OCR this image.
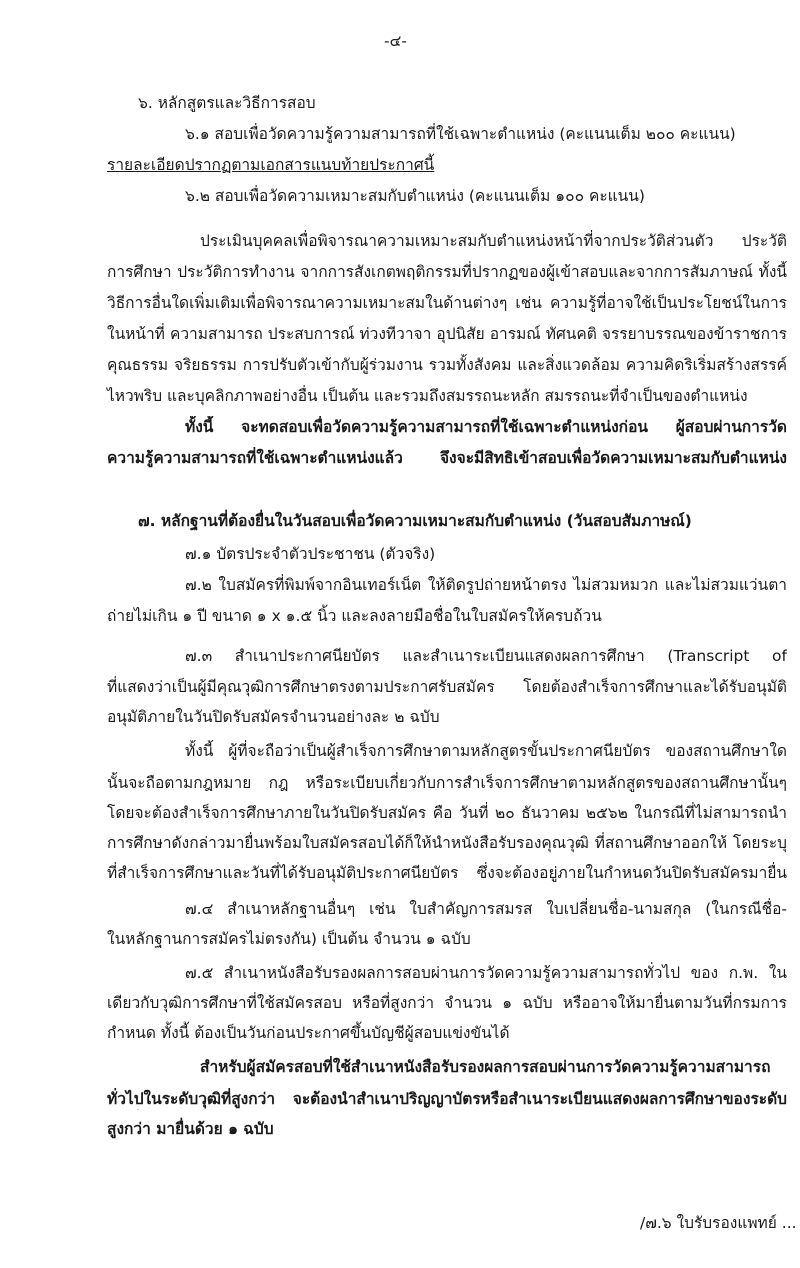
-๔-
๖. หลักสูตรและวิธีการสอบ
๖.๑ สอบเพื่อวัดความรู้ความสามารถที่ใช้เฉพาะตำแหน่ง (คะแนนเต็ม ๒๐๐ คะแนน)
รายละเอียดปรากฏตามเอกสารแนบท้ายประกาศนี้
๖.๒ สอบเพื่อวัดความเหมาะสมกับตำแหน่ง (คะแนนเต็ม ๑๐๐ คะแนน)
ประเมินบุคคลเพื่อพิจารณาความเหมาะสมกับตำแหน่งหน้าที่จากประวัติส่วนตัว ประวัติ
การศึกษา ประวัติการทำงาน จากการสังเกตพฤติกรรมที่ปรากฏของผู้เข้าสอบและจากการสัมภาษณ์ ทั้งนี้
วิธีการอื่นใดเพิ่มเติมเพื่อพิจารณาความเหมาะสมในด้านต่างๆ เช่น ความรู้ที่อาจใช้เป็นประโยชน์ในการ
ในหน้าที่ ความสามารถ ประสบการณ์ ท่วงทีวาจา อุปนิสัย อารมณ์ ทัศนคติ จรรยาบรรณของข้าราชการ
คุณธรรม จริยธรรม การปรับตัวเข้ากับผู้ร่วมงาน รวมทั้งสังคม และสิ่งแวดล้อม ความคิดริเริ่มสร้างสรรค์
ไหวพริบ และบุคลิกภาพอย่างอื่น เป็นต้น และรวมถึงสมรรถนะหลัก สมรรถนะที่จำเป็นของตำแหน่ง
ทั้งนี้ จะทดสอบเพื่อวัดความรู้ความสามารถที่ใช้เฉพาะตำแหน่งก่อน ผู้สอบผ่านการวัด
ความรู้ความสามารถที่ใช้เฉพาะตำแหน่งแล้ว จึงจะมีสิทธิเข้าสอบเพื่อวัดความเหมาะสมกับตำแหน่ง
๗. หลักฐานที่ต้องยื่นในวันสอบเพื่อวัดความเหมาะสมกับตำแหน่ง (วันสอบสัมภาษณ์)
๗.๑ บัตรประจำตัวประชาชน (ตัวจริง)
๗.๒ ใบสมัครที่พิมพ์จากอินเทอร์เน็ต ให้ติดรูปถ่ายหน้าตรง ไม่สวมหมวก และไม่สวมแว่นตา
ถ่ายไม่เกิน ๑ ปี ขนาด ๑ x ๑.๕ นิ้ว และลงลายมือชื่อในใบสมัครให้ครบถ้วน
๗.๓ สำเนาประกาศนียบัตร และสำเนาระเบียนแสดงผลการศึกษา (Transcript of
ที่แสดงว่าเป็นผู้มีคุณวุฒิการศึกษาตรงตามประกาศรับสมัคร โดยต้องสำเร็จการศึกษาและได้รับอนุมัติ
อนุมัติภายในวันปิดรับสมัครจำนวนอย่างละ ๒ ฉบับ
ทั้งนี้ ผู้ที่จะถือว่าเป็นผู้สำเร็จการศึกษาตามหลักสูตรขั้นประกาศนียบัตร ของสถานศึกษาใด
นั้นจะถือตามกฎหมาย กฎ หรือระเบียบเกี่ยวกับการสำเร็จการศึกษาตามหลักสูตรของสถานศึกษานั้นๆ
โดยจะต้องสำเร็จการศึกษาภายในวันปิดรับสมัคร คือ วันที่ ๒๐ ธันวาคม ๒๕๖๒ ในกรณีที่ไม่สามารถนำ
การศึกษาดังกล่าวมายื่นพร้อมใบสมัครสอบได้ก็ให้นำหนังสือรับรองคุณวุฒิ ที่สถานศึกษาออกให้ โดยระบุ
ที่สำเร็จการศึกษาและวันที่ได้รับอนุมัติประกาศนียบัตร ซึ่งจะต้องอยู่ภายในกำหนดวันปิดรับสมัครมายื่น
๗.๔ สำเนาหลักฐานอื่นๆ เช่น ใบสำคัญการสมรส ใบเปลี่ยนชื่อ-นามสกุล (ในกรณีชื่อ-
ในหลักฐานการสมัครไม่ตรงกัน) เป็นต้น จำนวน ๑ ฉบับ
๗.๕ สำเนาหนังสือรับรองผลการสอบผ่านการวัดความรู้ความสามารถทั่วไป ของ ก.พ. ใน
เดียวกับวุฒิการศึกษาที่ใช้สมัครสอบ หรือที่สูงกว่า จำนวน ๑ ฉบับ หรืออาจให้มายื่นตามวันที่กรมการ
กำหนด ทั้งนี้ ต้องเป็นวันก่อนประกาศขึ้นบัญชีผู้สอบแข่งขันได้
สำหรับผู้สมัครสอบที่ใช้สำเนาหนังสือรับรองผลการสอบผ่านการวัดความรู้ความสามารถ
ทั่วไปในระดับวุฒิที่สูงกว่า จะต้องนำสำเนาปริญญาบัตรหรือสำเนาระเบียนแสดงผลการศึกษาของระดับ
สูงกว่า มายื่นด้วย ๑ ฉบับ
/๗.๖ ใบรับรองแพทย์ ...
